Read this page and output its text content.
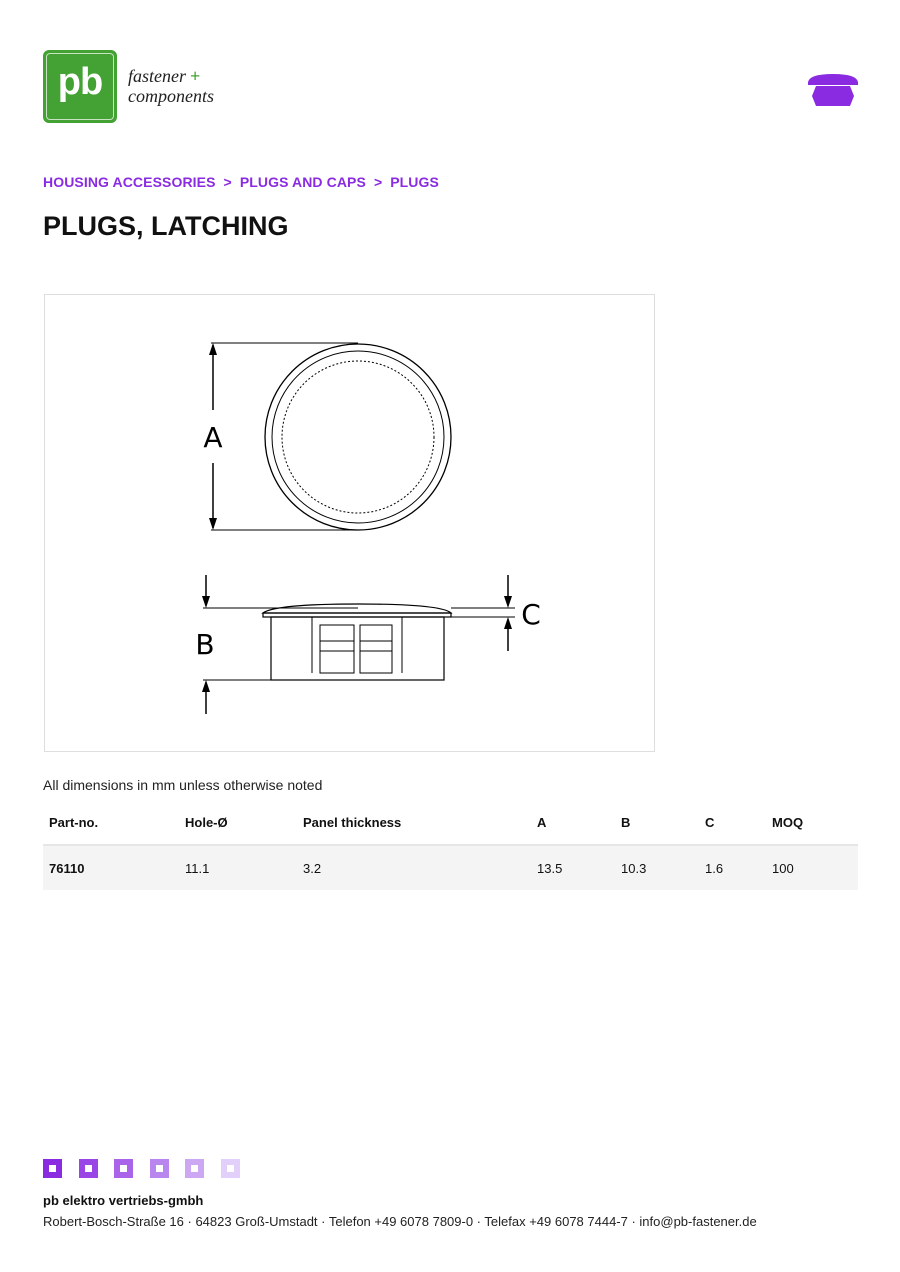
pb	fastener +
components
HOUSING ACCESSORIES > PLUGS AND CAPS > PLUGS
PLUGS, LATCHING
A
B
C
All dimensions in mm unless otherwise noted
Part-no.	Hole-Ø	Panel thickness	A	B	C	MOQ
76110	11.1	3.2	13.5	10.3	1.6	100
pb elektro vertriebs-gmbh
Robert-Bosch-Straße 16 · 64823 Groß-Umstadt · Telefon +49 6078 7809-0 · Telefax +49 6078 7444-7 · info@pb-fastener.de
